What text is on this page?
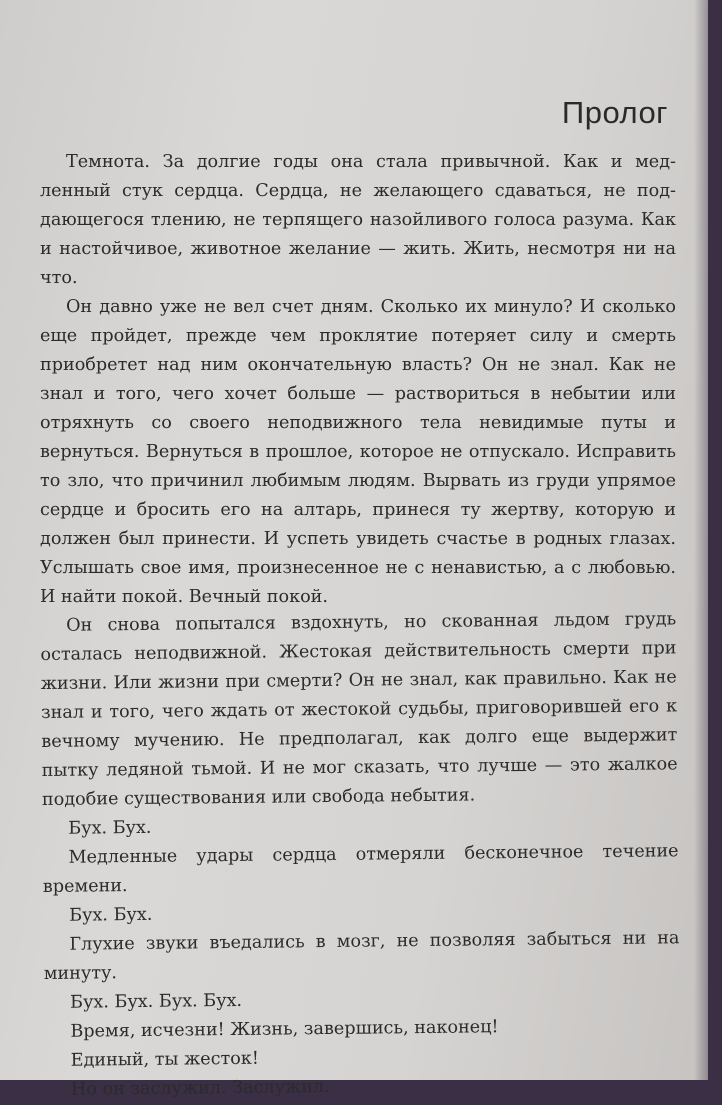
Пролог

Темнота. За долгие годы она стала привычной. Как и медленный стук сердца. Сердца, не желающего сдаваться, не поддающегося тлению, не терпящего назойливого голоса разума. Как и настойчивое, животное желание — жить. Жить, несмотря ни на что.

Он давно уже не вел счет дням. Сколько их минуло? И сколько еще пройдет, прежде чем проклятие потеряет силу и смерть приобретет над ним окончательную власть? Он не знал. Как не знал и того, чего хочет больше — раствориться в небытии или отряхнуть со своего неподвижного тела невидимые путы и вернуться. Вернуться в прошлое, которое не отпускало. Исправить то зло, что причинил любимым людям. Вырвать из груди упрямое сердце и бросить его на алтарь, принеся ту жертву, которую и должен был принести. И успеть увидеть счастье в родных глазах. Услышать свое имя, произнесенное не с ненавистью, а с любовью. И найти покой. Вечный покой.

Он снова попытался вздохнуть, но скованная льдом грудь осталась неподвижной. Жестокая действительность смерти при жизни. Или жизни при смерти? Он не знал, как правильно. Как не знал и того, чего ждать от жестокой судьбы, приговорившей его к вечному мучению. Не предполагал, как долго еще выдержит пытку ледяной тьмой. И не мог сказать, что лучше — это жалкое подобие существования или свобода небытия.

Бух. Бух.

Медленные удары сердца отмеряли бесконечное течение времени.

Бух. Бух.

Глухие звуки въедались в мозг, не позволяя забыться ни на минуту.

Бух. Бух. Бух. Бух.

Время, исчезни! Жизнь, завершись, наконец!

Единый, ты жесток!

Но он заслужил. Заслужил.
